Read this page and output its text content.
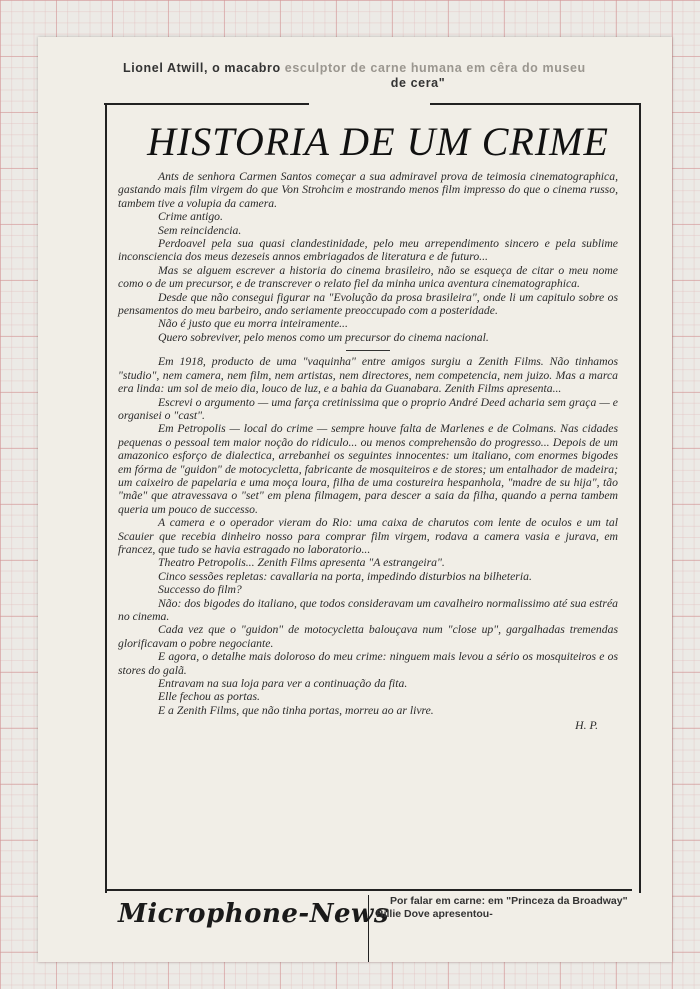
Lionel Atwill, o macabro esculptor de carne humana em cêra do museu
de cera"
HISTORIA DE UM CRIME

Ants de senhora Carmen Santos começar a sua admiravel prova de teimosia cinematographica, gastando mais film virgem do que Von Strohcim e mostrando menos film impresso do que o cinema russo, tambem tive a volupia da camera.

Crime antigo.

Sem reincidencia.

Perdoavel pela sua quasi clandestinidade, pelo meu arrependimento sincero e pela sublime inconsciencia dos meus dezeseis annos embriagados de literatura e de futuro...

Mas se alguem escrever a historia do cinema brasileiro, não se esqueça de citar o meu nome como o de um precursor, e de transcrever o relato fiel da minha unica aventura cinematographica.

Desde que não consegui figurar na "Evolução da prosa brasileira", onde li um capitulo sobre os pensamentos do meu barbeiro, ando seriamente preoccupado com a posteridade.

Não é justo que eu morra inteiramente...

Quero sobreviver, pelo menos como um precursor do cinema nacional.

Em 1918, producto de uma "vaquinha" entre amigos surgiu a Zenith Films. Não tinhamos "studio", nem camera, nem film, nem artistas, nem directores, nem competencia, nem juizo. Mas a marca era linda: um sol de meio dia, louco de luz, e a bahia da Guanabara. Zenith Films apresenta...

Escrevi o argumento — uma farça cretinissima que o proprio André Deed acharia sem graça — e organisei o "cast".

Em Petropolis — local do crime — sempre houve falta de Marlenes e de Colmans. Nas cidades pequenas o pessoal tem maior noção do ridiculo... ou menos comprehensão do progresso... Depois de um amazonico esforço de dialectica, arrebanhei os seguintes innocentes: um italiano, com enormes bigodes em fórma de "guidon" de motocycletta, fabricante de mosquiteiros e de stores; um entalhador de madeira; um caixeiro de papelaria e uma moça loura, filha de uma costureira hespanhola, "madre de su hija", tão "mãe" que atravessava o "set" em plena filmagem, para descer a saia da filha, quando a perna tambem queria um pouco de successo.

A camera e o operador vieram do Rio: uma caixa de charutos com lente de oculos e um tal Scauier que recebia dinheiro nosso para comprar film virgem, rodava a camera vasia e jurava, em francez, que tudo se havia estragado no laboratorio...

Theatro Petropolis... Zenith Films apresenta "A estrangeira".

Cinco sessões repletas: cavallaria na porta, impedindo disturbios na bilheteria.

Successo do film?

Não: dos bigodes do italiano, que todos consideravam um cavalheiro normalissimo até sua estréa no cinema.

Cada vez que o "guidon" de motocycletta balouçava num "close up", gargalhadas tremendas glorificavam o pobre negociante.

E agora, o detalhe mais doloroso do meu crime: ninguem mais levou a sério os mosquiteiros e os stores do galã.

Entravam na sua loja para ver a continuação da fita.

Elle fechou as portas.

E a Zenith Films, que não tinha portas, morreu ao ar livre.

H. P.
Microphone-News Por falar em carne: em "Princeza da Broadway" Billie Dove apresentou-
